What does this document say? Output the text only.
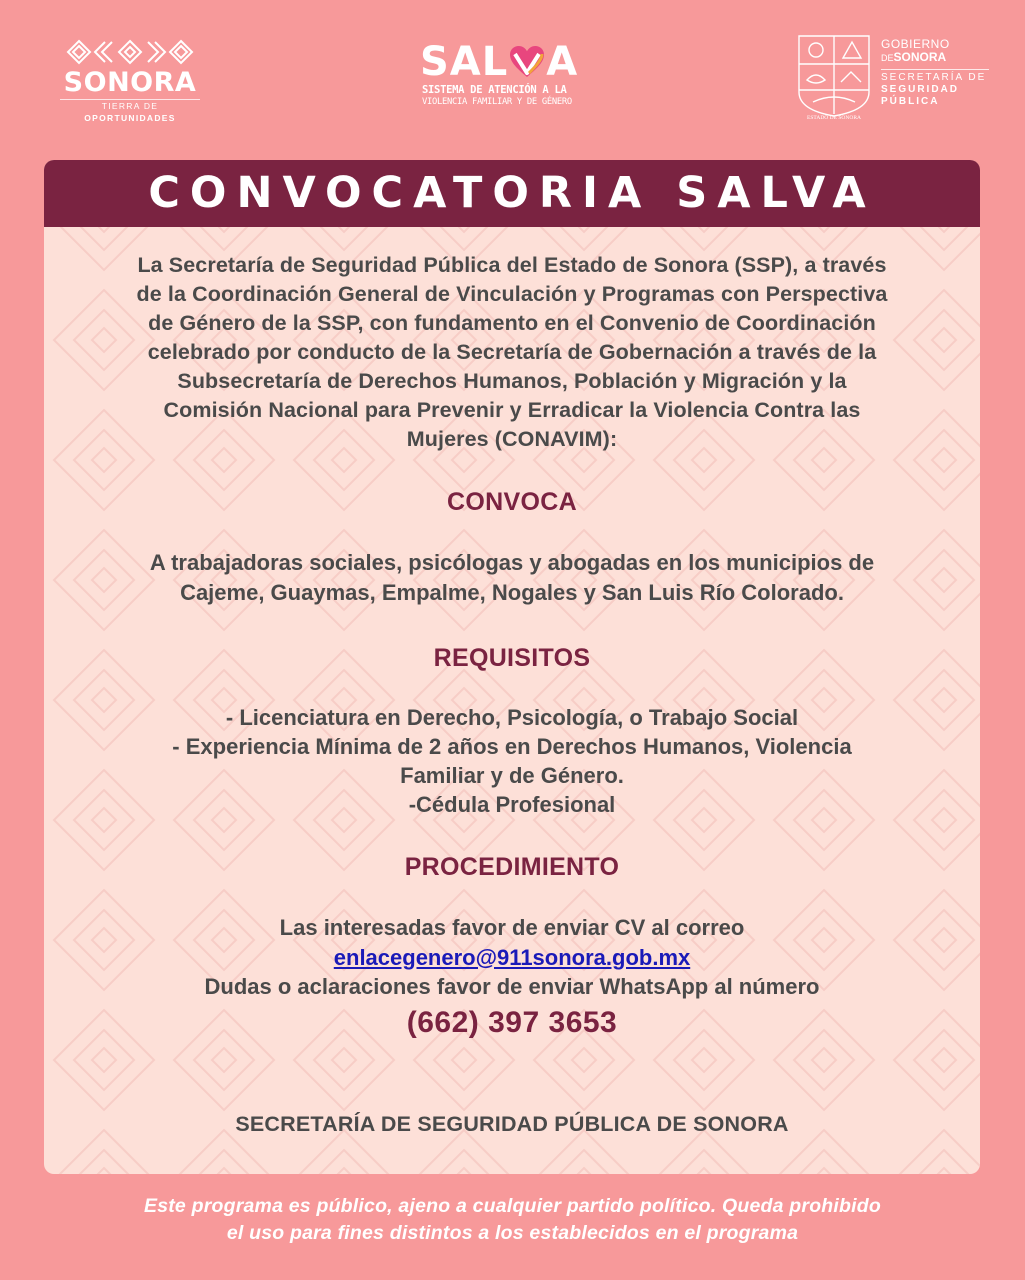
SONORA
TIERRA DE OPORTUNIDADES
SAL A
SISTEMA DE ATENCIÓN A LA
VIOLENCIA FAMILIAR Y DE GÉNERO
ESTADO DE SONORA
GOBIERNO
DESONORA
SECRETARÍA DE
SEGURIDAD
PÚBLICA
CONVOCATORIA SALVA
La Secretaría de Seguridad Pública del Estado de Sonora (SSP), a través
de la Coordinación General de Vinculación y Programas con Perspectiva
de Género de la SSP, con fundamento en el Convenio de Coordinación
celebrado por conducto de la Secretaría de Gobernación a través de la
Subsecretaría de Derechos Humanos, Población y Migración y la
Comisión Nacional para Prevenir y Erradicar la Violencia Contra las
Mujeres (CONAVIM):
CONVOCA
A trabajadoras sociales, psicólogas y abogadas en los municipios de
Cajeme, Guaymas, Empalme, Nogales y San Luis Río Colorado.
REQUISITOS
- Licenciatura en Derecho, Psicología, o Trabajo Social
- Experiencia Mínima de 2 años en Derechos Humanos, Violencia
Familiar y de Género.
-Cédula Profesional
PROCEDIMIENTO
Las interesadas favor de enviar CV al correo
enlacegenero@911sonora.gob.mx
Dudas o aclaraciones favor de enviar WhatsApp al número
(662) 397 3653
SECRETARÍA DE SEGURIDAD PÚBLICA DE SONORA
Este programa es público, ajeno a cualquier partido político. Queda prohibido
el uso para fines distintos a los establecidos en el programa
